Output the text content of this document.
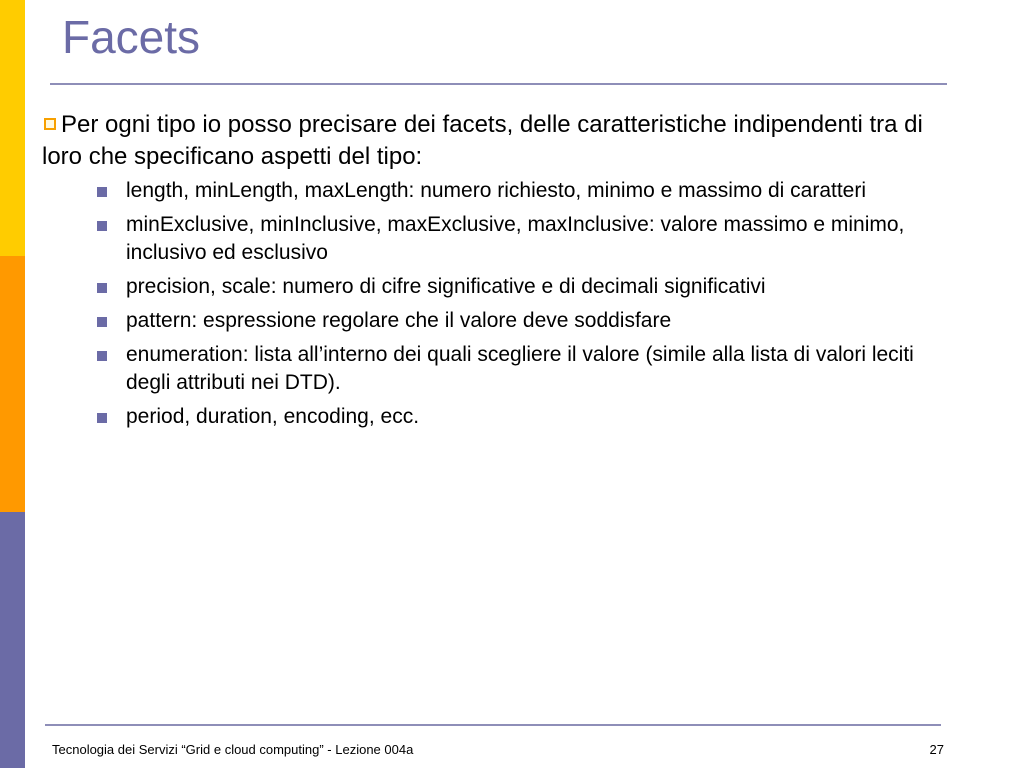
Facets

Per ogni tipo io posso precisare dei facets, delle caratteristiche indipendenti tra di loro che specificano aspetti del tipo:

length, minLength, maxLength: numero richiesto, minimo e massimo di caratteri
minExclusive, minInclusive, maxExclusive, maxInclusive: valore massimo e minimo, inclusivo ed esclusivo
precision, scale: numero di cifre significative e di decimali significativi
pattern: espressione regolare che il valore deve soddisfare
enumeration: lista all’interno dei quali scegliere il valore (simile alla lista di valori leciti degli attributi nei DTD).
period, duration, encoding, ecc.
Tecnologia dei Servizi “Grid e cloud computing” - Lezione 004a	27
